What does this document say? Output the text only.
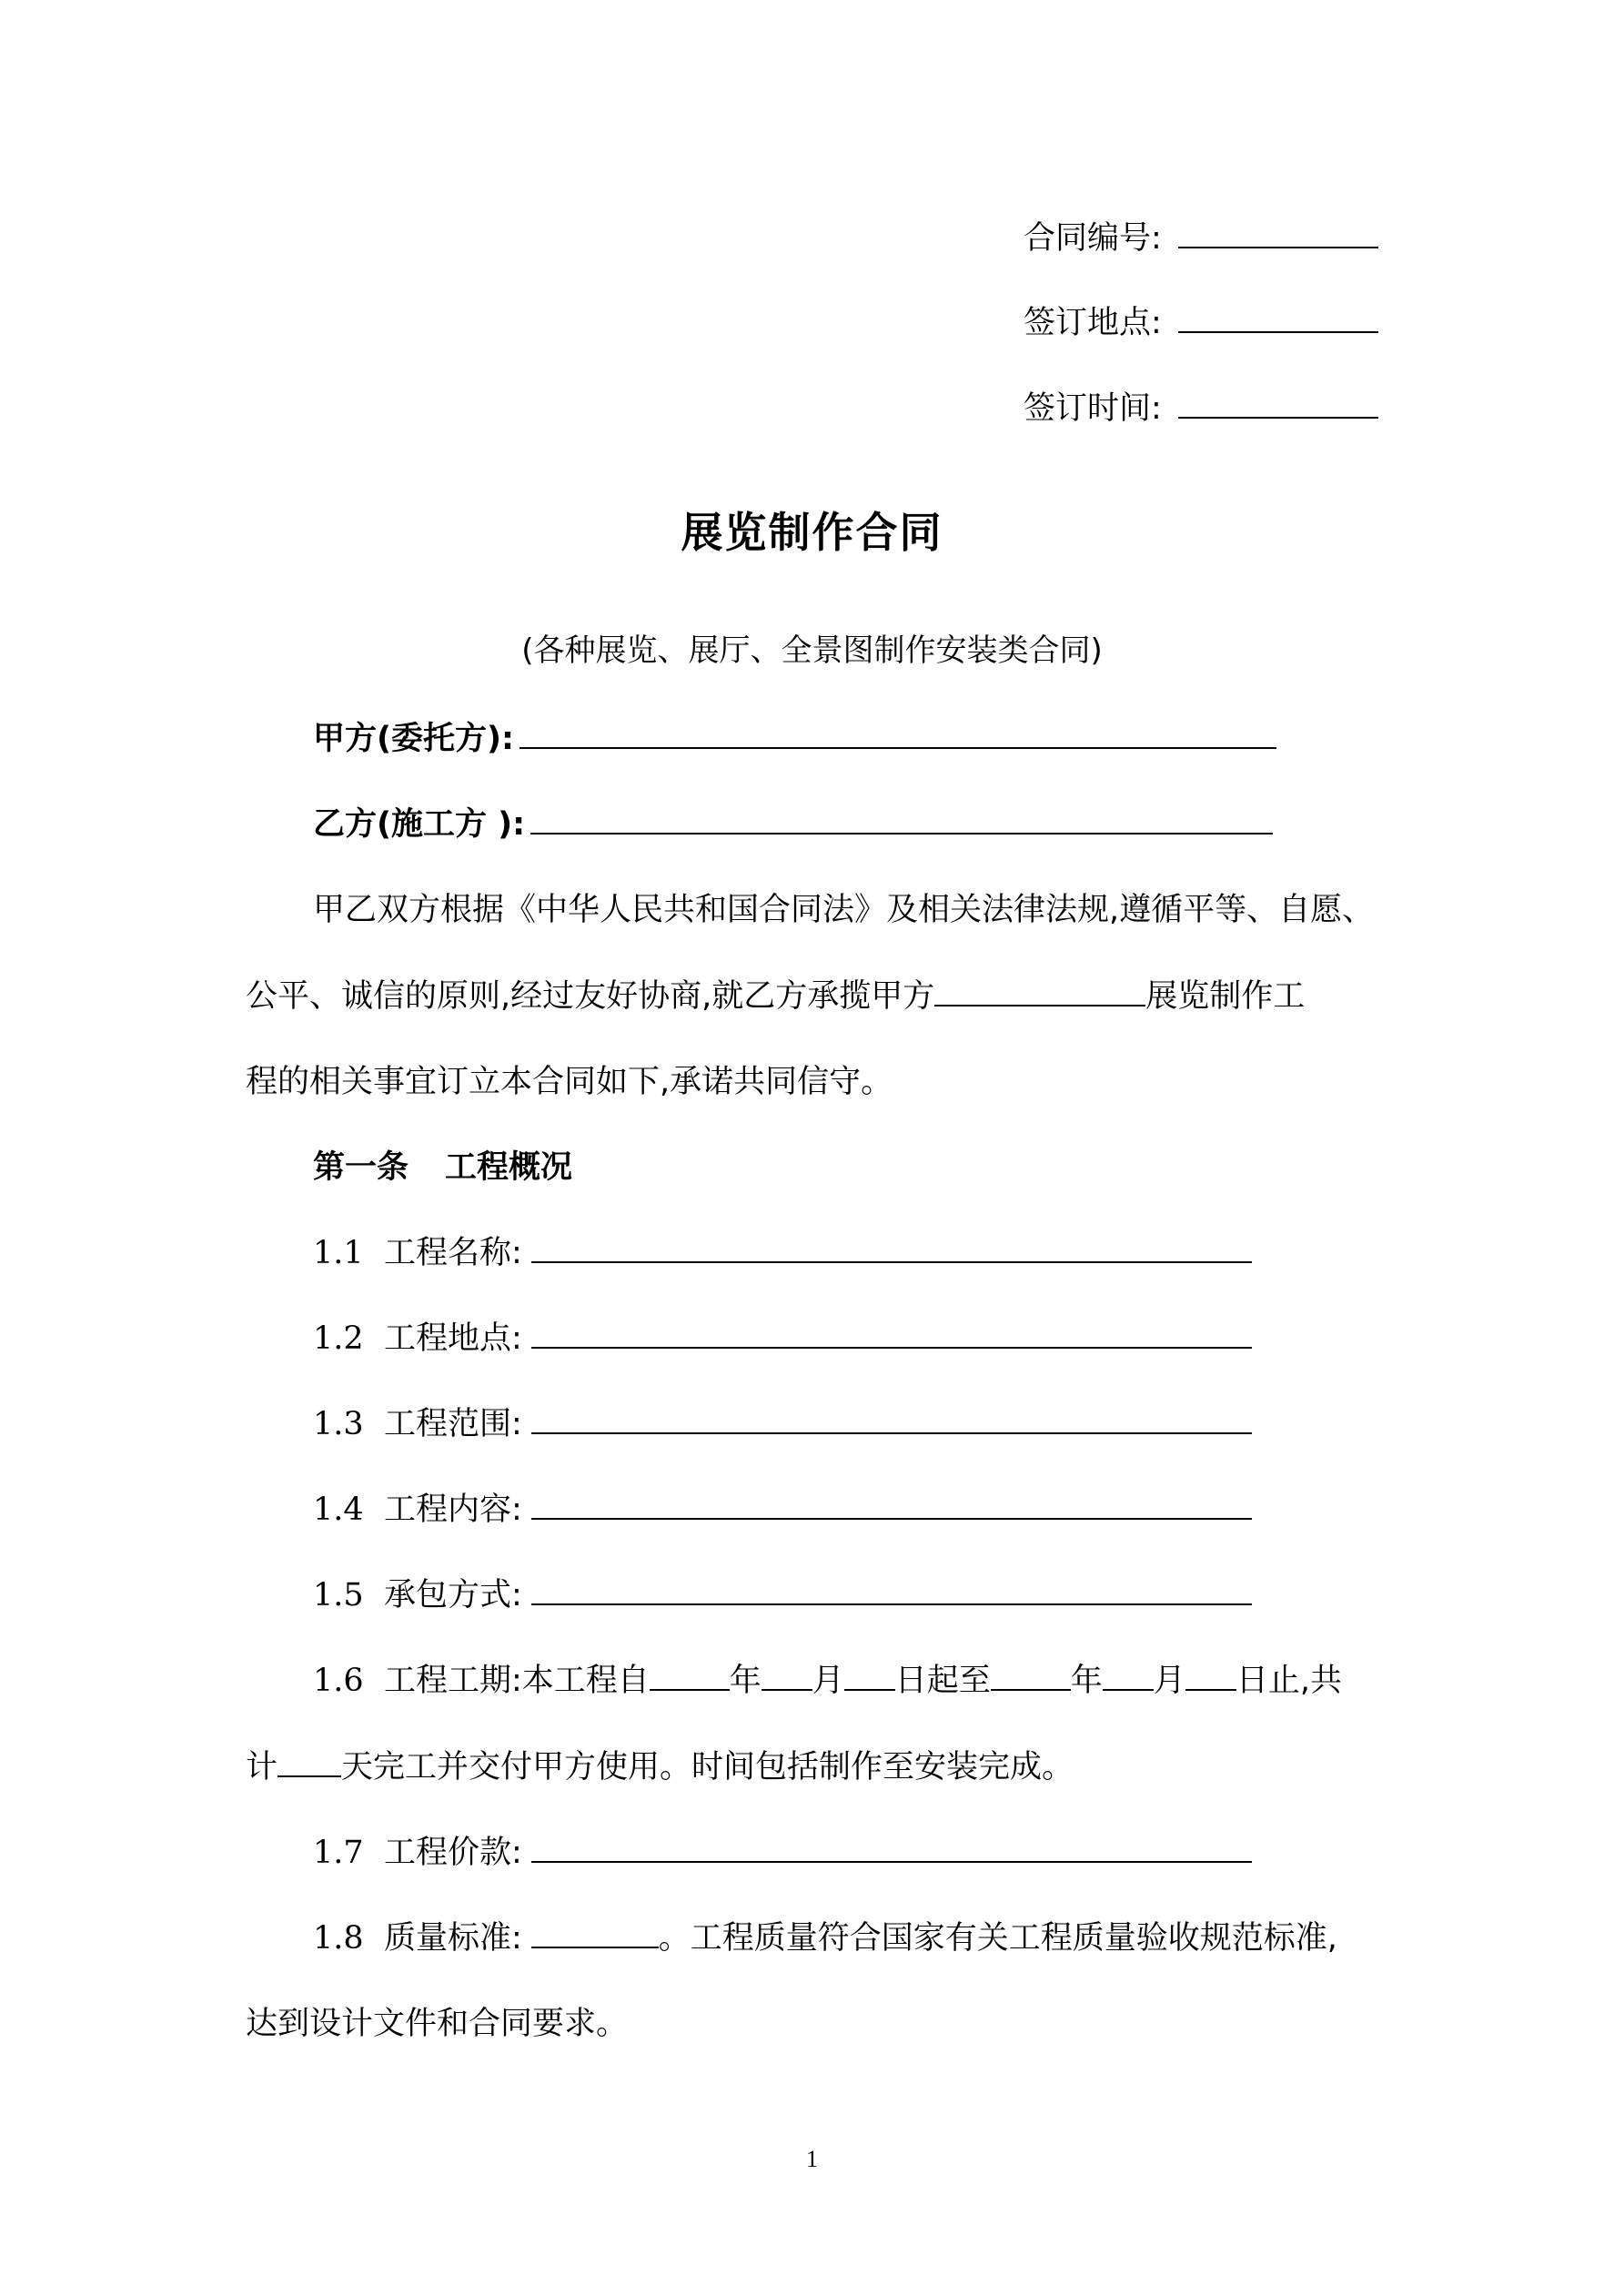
合同编号:
签订地点:
签订时间:
展览制作合同
(各种展览、展厅、全景图制作安装类合同)
甲方(委托方):
乙方(施工方 ):
甲乙双方根据《中华人民共和国合同法》及相关法律法规,遵循平等、自愿、
公平、诚信的原则,经过友好协商,就乙方承揽甲方	展览制作工
程的相关事宜订立本合同如下,承诺共同信守。
第一条 工程概况
1.1 工程名称:
1.2 工程地点:
1.3 工程范围:
1.4 工程内容:
1.5 承包方式:
1.6 工程工期:本工程自	年 月 日起至	年 月 日止,共
计 天完工并交付甲方使用。时间包括制作至安装完成。
1.7 工程价款:
1.8 质量标准:	。工程质量符合国家有关工程质量验收规范标准,
达到设计文件和合同要求。
1
